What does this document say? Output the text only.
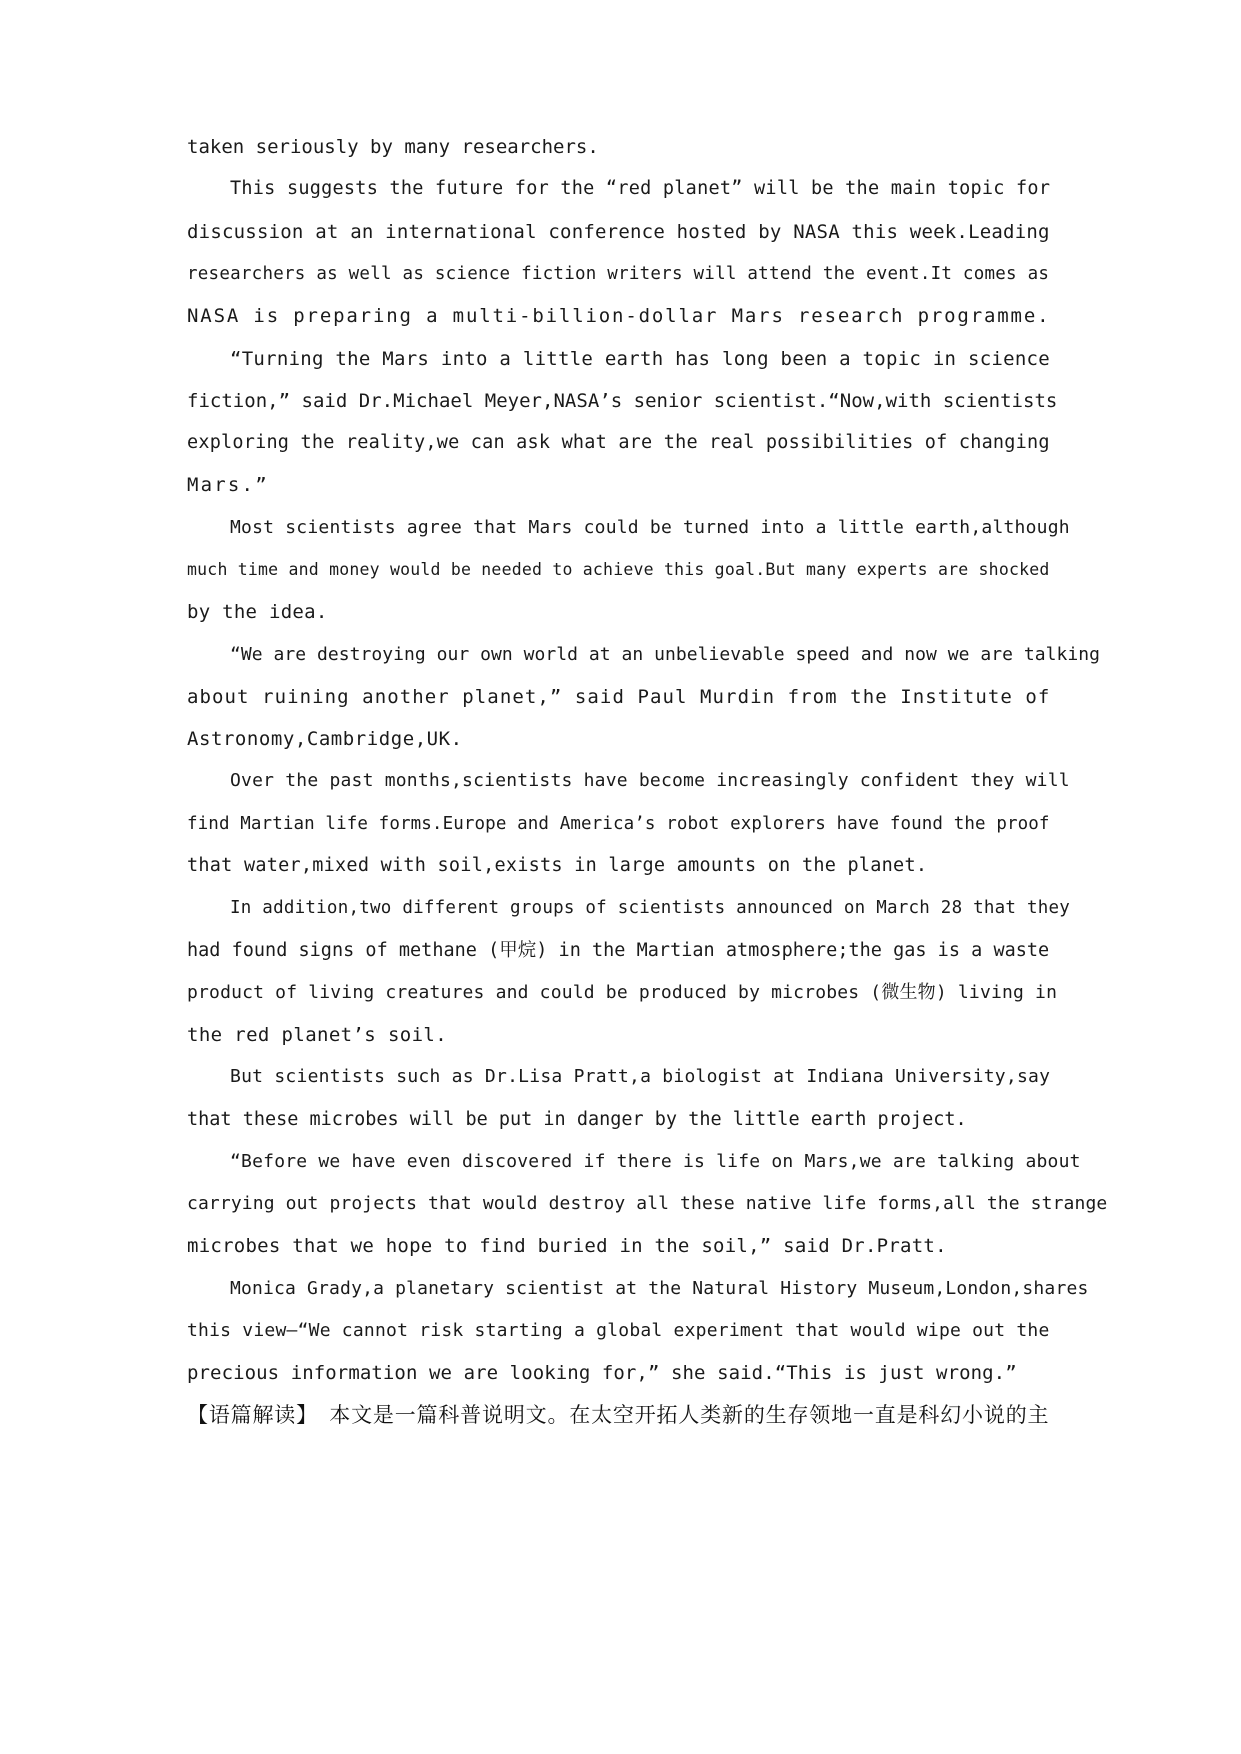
taken seriously by many researchers.
This suggests the future for the “red planet” will be the main topic for
discussion at an international conference hosted by NASA this week.Leading
researchers as well as science fiction writers will attend the event.It comes as
NASA is preparing a multi-billion-dollar Mars research programme.
“Turning the Mars into a little earth has long been a topic in science
fiction,” said Dr.Michael Meyer,NASA’s senior scientist.“Now,with scientists
exploring the reality,we can ask what are the real possibilities of changing
Mars.”
Most scientists agree that Mars could be turned into a little earth,although
much time and money would be needed to achieve this goal.But many experts are shocked
by the idea.
“We are destroying our own world at an unbelievable speed and now we are talking
about ruining another planet,” said Paul Murdin from the Institute of
Astronomy,Cambridge,UK.
Over the past months,scientists have become increasingly confident they will
find Martian life forms.Europe and America’s robot explorers have found the proof
that water,mixed with soil,exists in large amounts on the planet.
In addition,two different groups of scientists announced on March 28 that they
had found signs of methane (甲烷) in the Martian atmosphere;the gas is a waste
product of living creatures and could be produced by microbes (微生物) living in
the red planet’s soil.
But scientists such as Dr.Lisa Pratt,a biologist at Indiana University,say
that these microbes will be put in danger by the little earth project.
“Before we have even discovered if there is life on Mars,we are talking about
carrying out projects that would destroy all these native life forms,all the strange
microbes that we hope to find buried in the soil,” said Dr.Pratt.
Monica Grady,a planetary scientist at the Natural History Museum,London,shares
this view—“We cannot risk starting a global experiment that would wipe out the
precious information we are looking for,” she said.“This is just wrong.”
【语篇解读】　本文是一篇科普说明文。在太空开拓人类新的生存领地一直是科幻小说的主
